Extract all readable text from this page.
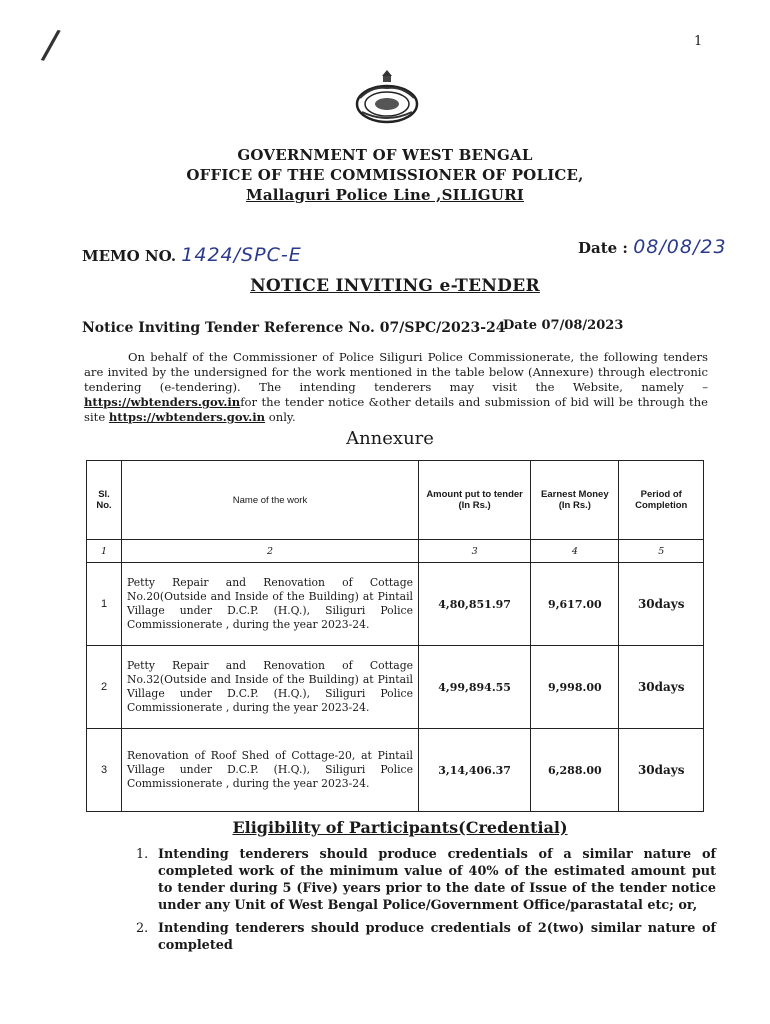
/	1
GOVERNMENT OF WEST BENGAL
OFFICE OF THE COMMISSIONER OF POLICE,
Mallaguri Police Line ,SILIGURI
MEMO NO. 1424/SPC-E	Date : 08/08/23
NOTICE INVITING e-TENDER
Notice Inviting Tender Reference No. 07/SPC/2023-24
Date 07/08/2023
On behalf of the Commissioner of Police Siliguri Police Commissionerate, the following tenders are invited by the undersigned for the work mentioned in the table below (Annexure) through electronic tendering (e-tendering). The intending tenderers may visit the Website, namely – https://wbtenders.gov.infor the tender notice &other details and submission of bid will be through the site https://wbtenders.gov.in only.
Annexure
Sl. No.	Name of the work	Amount put to tender (In Rs.)	Earnest Money (In Rs.)	Period of Completion
1	2	3	4	5
1	Petty Repair and Renovation of Cottage No.20(Outside and Inside of the Building) at Pintail Village under D.C.P. (H.Q.), Siliguri Police Commissionerate , during the year 2023-24.	4,80,851.97	9,617.00	30days
2	Petty Repair and Renovation of Cottage No.32(Outside and Inside of the Building) at Pintail Village under D.C.P. (H.Q.), Siliguri Police Commissionerate , during the year 2023-24.	4,99,894.55	9,998.00	30days
3	Renovation of Roof Shed of Cottage-20, at Pintail Village under D.C.P. (H.Q.), Siliguri Police Commissionerate , during the year 2023-24.	3,14,406.37	6,288.00	30days
Eligibility of Participants(Credential)
1. Intending tenderers should produce credentials of a similar nature of completed work of the minimum value of 40% of the estimated amount put to tender during 5 (Five) years prior to the date of Issue of the tender notice under any Unit of West Bengal Police/Government Office/parastatal etc; or,
2. Intending tenderers should produce credentials of 2(two) similar nature of completed
